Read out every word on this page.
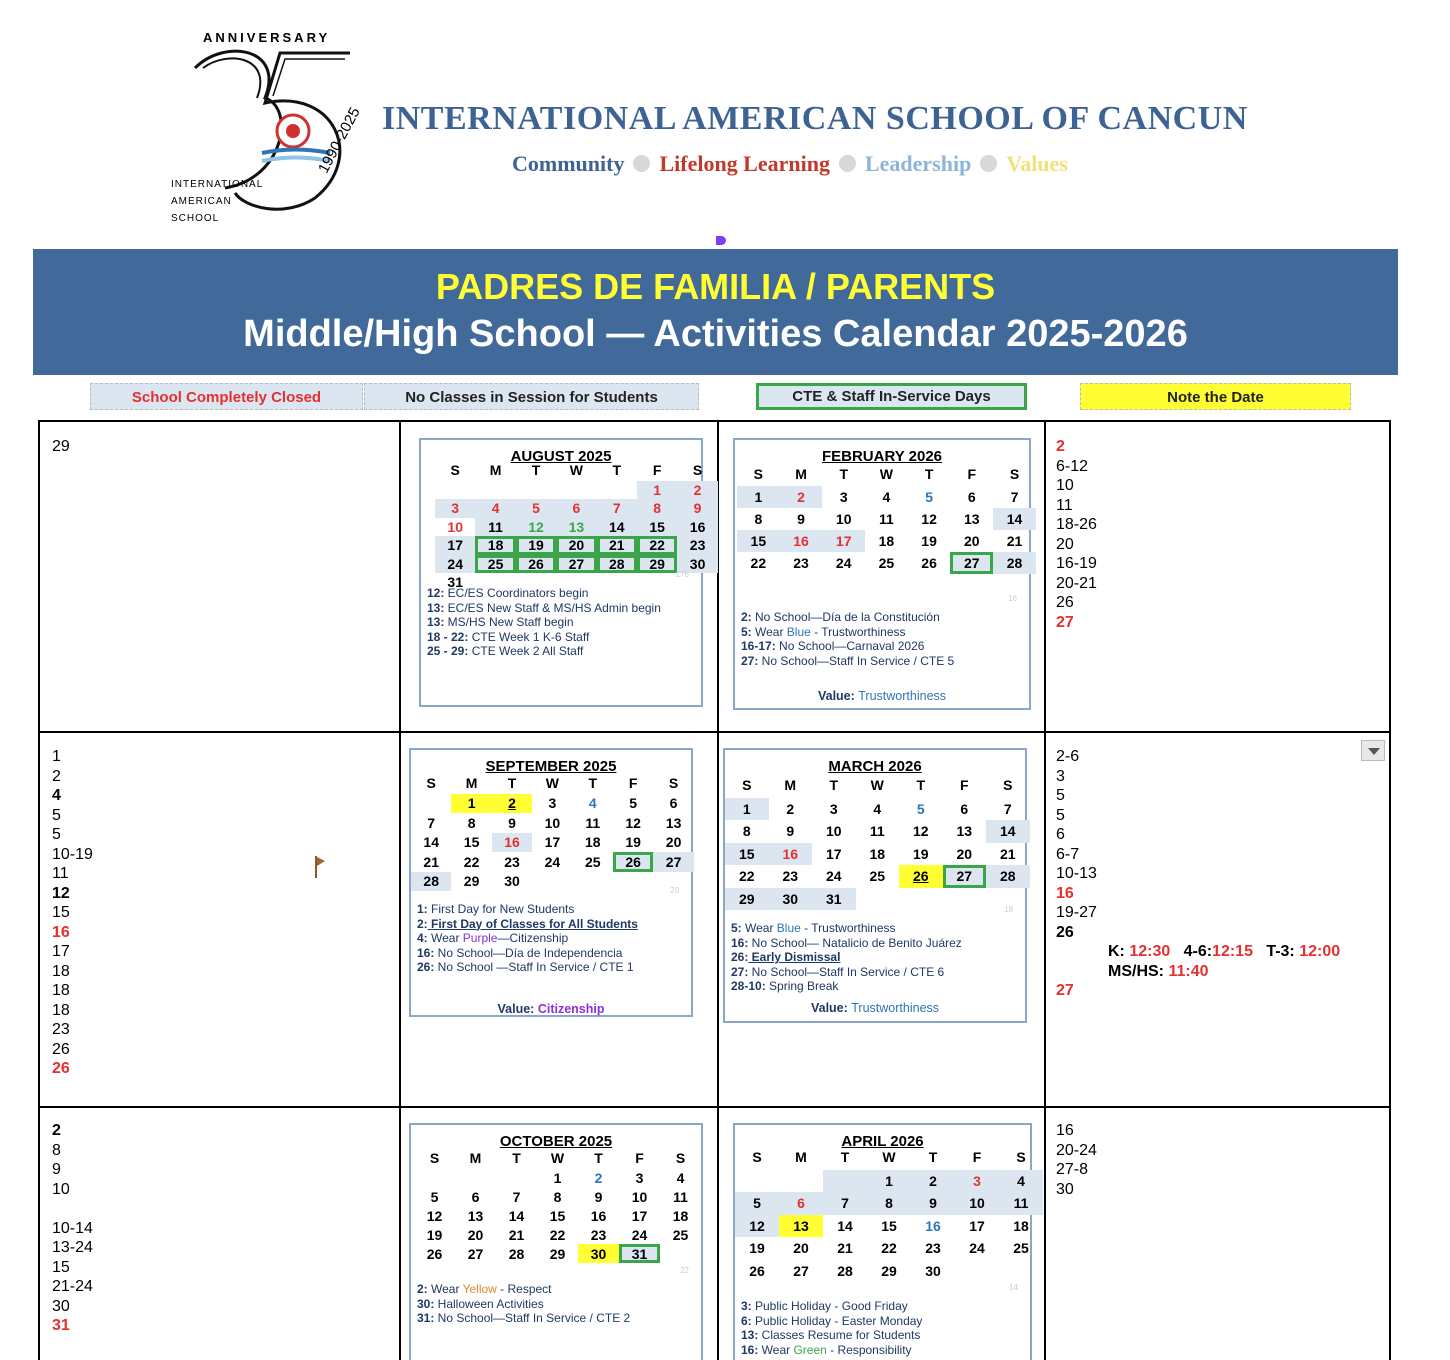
ANNIVERSARY
INTERNATIONAL
AMERICAN
SCHOOL
1990-2025 INTERNATIONAL AMERICAN SCHOOL OF CANCUN
Community Lifelong Learning Leadership Values
PADRES DE FAMILIA / PARENTS
Middle/High School — Activities Calendar 2025-2026
School Completely Closed	No Classes in Session for Students	CTE & Staff In-Service Days	Note the Date
29	2
6-12
10
11
18-26
20
16-19
20-21
26
27
1
2
4
5
5
10-19
11
12
15
16
17
18
18
18
23
26
26
2-6
3
5
5
6
6-7
10-13
16
19-27
26
K: 12:30 4-6:12:15 T-3: 12:00
MS/HS: 11:40
27
2
8
9
10
10-14
13-24
15
21-24
30
31
16
20-24
27-8
30
AUGUST 2025
S	M	T	W	T	F	S
					1	2
3	4	5	6	7	8	9
10	11	12	13	14	15	16
17	18	19	20	21	22	23
24	25	26	27	28	29	30
31							176
12: EC/ES Coordinators begin
13: EC/ES New Staff & MS/HS Admin begin
13: MS/HS New Staff begin
18 - 22: CTE Week 1 K-6 Staff
25 - 29: CTE Week 2 All Staff
FEBRUARY 2026
S	M	T	W	T	F	S
1	2	3	4	5	6	7
8	9	10	11	12	13	14
15	16	17	18	19	20	21
22	23	24	25	26	27	28
16
2: No School—Día de la Constitución
5: Wear Blue - Trustworthiness
16-17: No School—Carnaval 2026
27: No School—Staff In Service / CTE 5
Value: Trustworthiness
SEPTEMBER 2025
S	M	T	W	T	F	S
	1	2	3	4	5	6
7	8	9	10	11	12	13
14	15	16	17	18	19	20
21	22	23	24	25	26	27
28	29	30				
20
1: First Day for New Students
2: First Day of Classes for All Students
4: Wear Purple—Citizenship
16: No School—Día de Independencia
26: No School —Staff In Service / CTE 1
Value: Citizenship
MARCH 2026
S	M	T	W	T	F	S
1	2	3	4	5	6	7
8	9	10	11	12	13	14
15	16	17	18	19	20	21
22	23	24	25	26	27	28
29	30	31				
18
5: Wear Blue - Trustworthiness
16: No School— Natalicio de Benito Juárez
26: Early Dismissal
27: No School—Staff In Service / CTE 6
28-10: Spring Break
Value: Trustworthiness
OCTOBER 2025
S	M	T	W	T	F	S
			1	2	3	4
5	6	7	8	9	10	11
12	13	14	15	16	17	18
19	20	21	22	23	24	25
26	27	28	29	30	31	
22
2: Wear Yellow - Respect
30: Halloween Activities
31: No School—Staff In Service / CTE 2
APRIL 2026
S	M	T	W	T	F	S
			1	2	3	4
5	6	7	8	9	10	11
12	13	14	15	16	17	18
19	20	21	22	23	24	25
26	27	28	29	30		
14
3: Public Holiday - Good Friday
6: Public Holiday - Easter Monday
13: Classes Resume for Students
16: Wear Green - Responsibility
